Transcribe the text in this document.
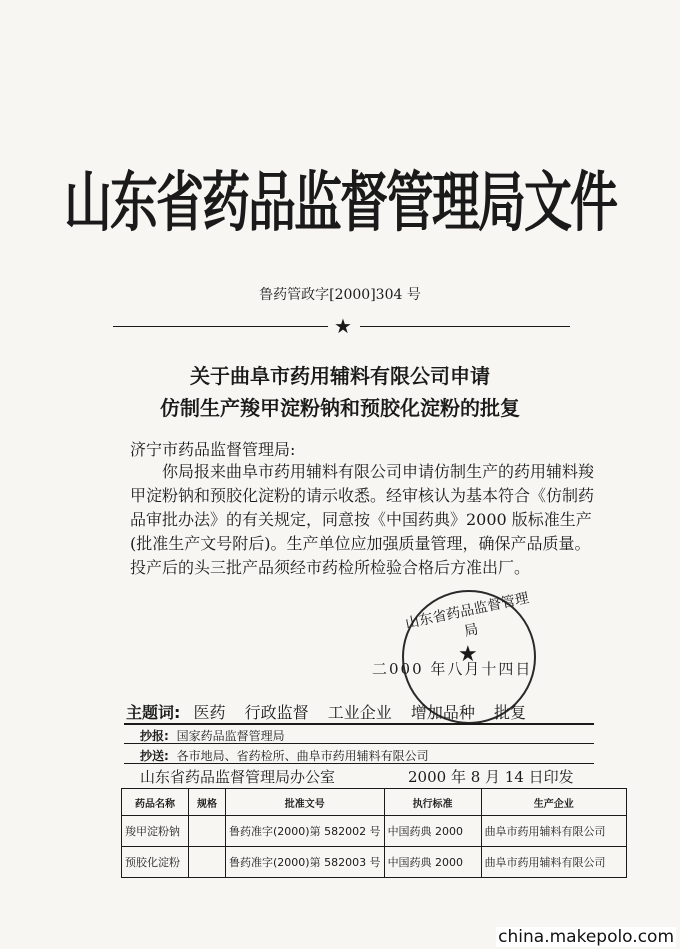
山东省药品监督管理局文件
鲁药管政字[2000]304 号
★
关于曲阜市药用辅料有限公司申请
仿制生产羧甲淀粉钠和预胶化淀粉的批复
济宁市药品监督管理局:
你局报来曲阜市药用辅料有限公司申请仿制生产的药用辅料羧甲淀粉钠和预胶化淀粉的请示收悉。经审核认为基本符合《仿制药品审批办法》的有关规定，同意按《中国药典》2000 版标准生产(批准生产文号附后)。生产单位应加强质量管理，确保产品质量。投产后的头三批产品须经市药检所检验合格后方准出厂。
山东省药品监督管理局
★
二000 年八月十四日
主题词: 医药 行政监督 工业企业 增加品种 批复
抄报: 国家药品监督管理局
抄送: 各市地局、省药检所、曲阜市药用辅料有限公司
山东省药品监督管理局办公室	2000 年 8 月 14 日印发
药品名称	规格	批准文号	执行标准	生产企业
羧甲淀粉钠		鲁药准字(2000)第 582002 号	中国药典 2000	曲阜市药用辅料有限公司
预胶化淀粉		鲁药准字(2000)第 582003 号	中国药典 2000	曲阜市药用辅料有限公司
china.makepolo.com
